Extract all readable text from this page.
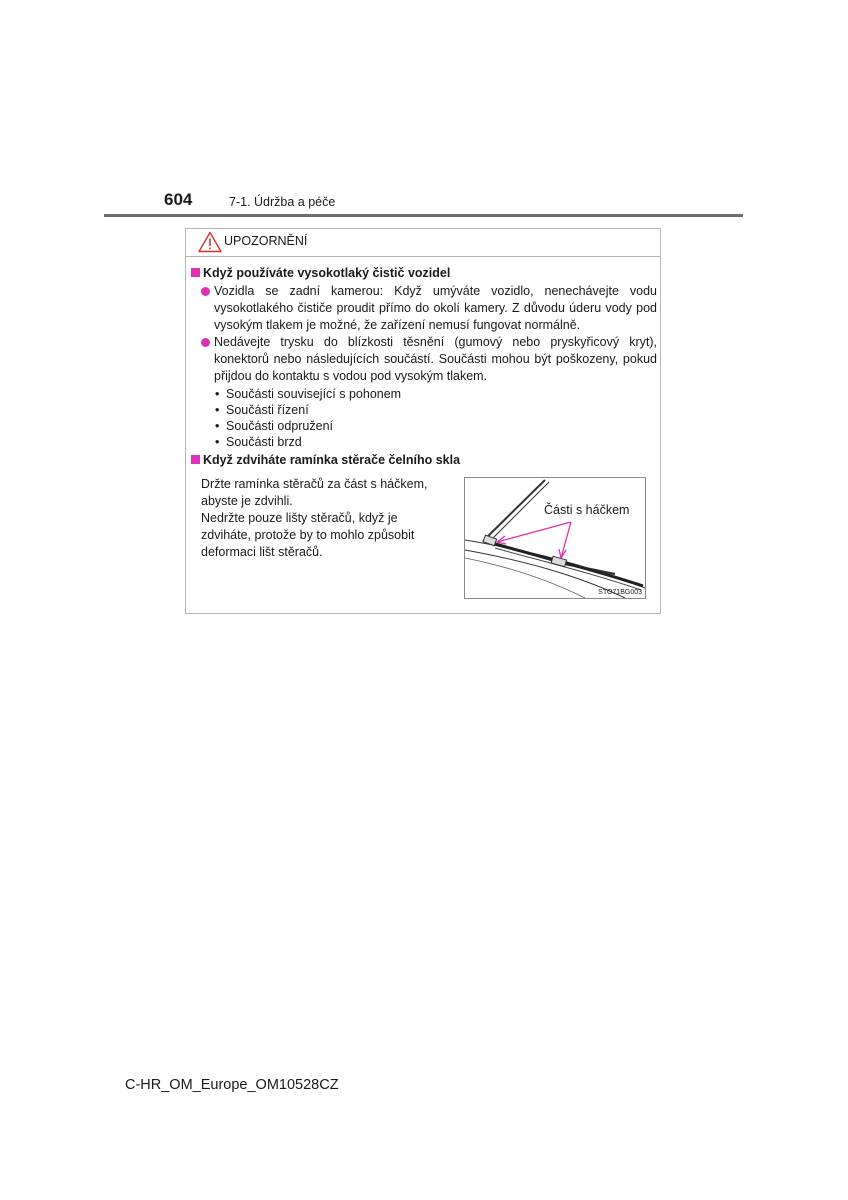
604	7-1. Údržba a péče
UPOZORNĚNÍ
Když používáte vysokotlaký čistič vozidel
Vozidla se zadní kamerou: Když umýváte vozidlo, nenechávejte vodu vysokotlakého čističe proudit přímo do okolí kamery. Z důvodu úderu vody pod vysokým tlakem je možné, že zařízení nemusí fungovat normálně.
Nedávejte trysku do blízkosti těsnění (gumový nebo pryskyřicový kryt), konektorů nebo následujících součástí. Součásti mohou být poškozeny, pokud přijdou do kontaktu s vodou pod vysokým tlakem.
• Součásti související s pohonem
• Součásti řízení
• Součásti odpružení
• Součásti brzd
Když zdviháte ramínka stěrače čelního skla
Držte ramínka stěračů za část s háčkem, abyste je zdvihli.
Nedržte pouze lišty stěračů, když je zdviháte, protože by to mohlo způsobit deformaci lišt stěračů.
Části s háčkem
STO71BG003
C-HR_OM_Europe_OM10528CZ
